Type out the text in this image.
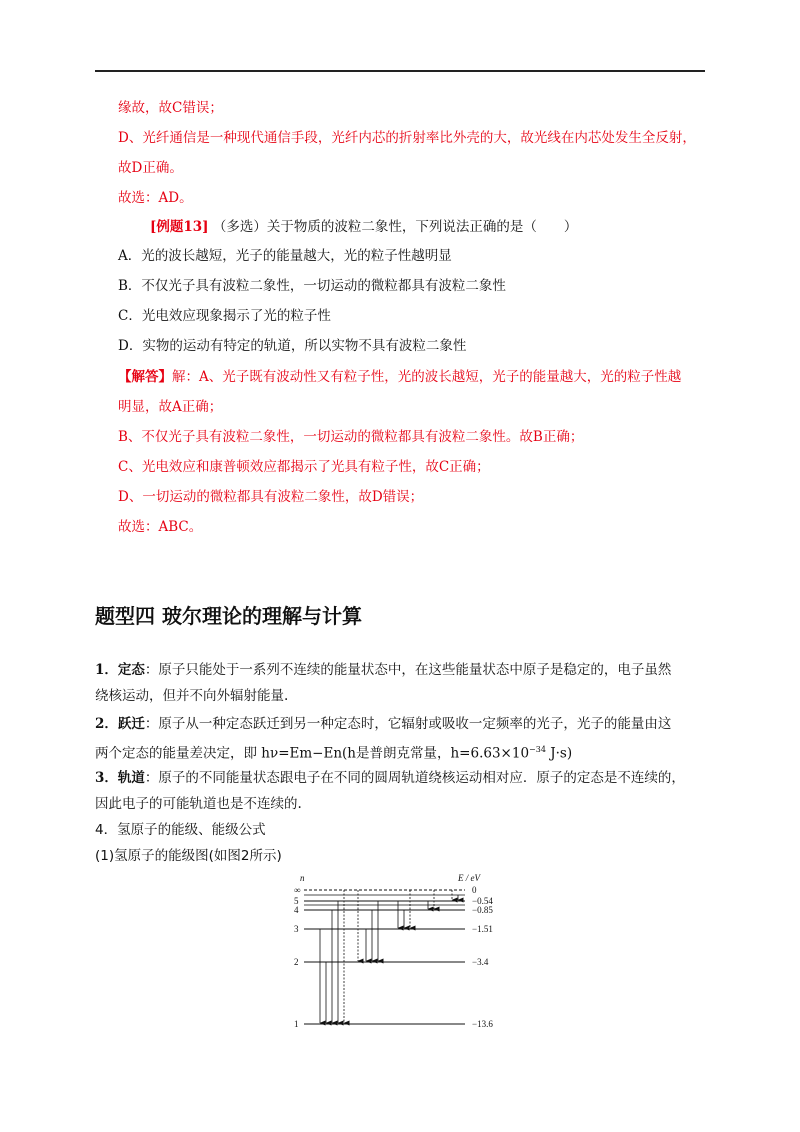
缘故，故C错误；
D、光纤通信是一种现代通信手段，光纤内芯的折射率比外壳的大，故光线在内芯处发生全反射，
故D正确。
故选：AD。
[例题13] （多选）关于物质的波粒二象性，下列说法正确的是（　　）
A．光的波长越短，光子的能量越大，光的粒子性越明显
B．不仅光子具有波粒二象性，一切运动的微粒都具有波粒二象性
C．光电效应现象揭示了光的粒子性
D．实物的运动有特定的轨道，所以实物不具有波粒二象性
【解答】解：A、光子既有波动性又有粒子性，光的波长越短，光子的能量越大，光的粒子性越
明显，故A正确；
B、不仅光子具有波粒二象性，一切运动的微粒都具有波粒二象性。故B正确；
C、光电效应和康普顿效应都揭示了光具有粒子性，故C正确；
D、一切运动的微粒都具有波粒二象性，故D错误；
故选：ABC。
题型四 玻尔理论的理解与计算
1．定态：原子只能处于一系列不连续的能量状态中，在这些能量状态中原子是稳定的，电子虽然
绕核运动，但并不向外辐射能量.
2．跃迁：原子从一种定态跃迁到另一种定态时，它辐射或吸收一定频率的光子，光子的能量由这
两个定态的能量差决定，即 hν=Em−En(h是普朗克常量，$h=6.63\times 10^{-34}$ J·s)
3．轨道：原子的不同能量状态跟电子在不同的圆周轨道绕核运动相对应．原子的定态是不连续的，
因此电子的可能轨道也是不连续的.
4．氢原子的能级、能级公式
(1)氢原子的能级图(如图2所示)
n	E / eV
∞	0
5	−0.54
4	−0.85
3	−1.51
2	−3.4
1	−13.6
